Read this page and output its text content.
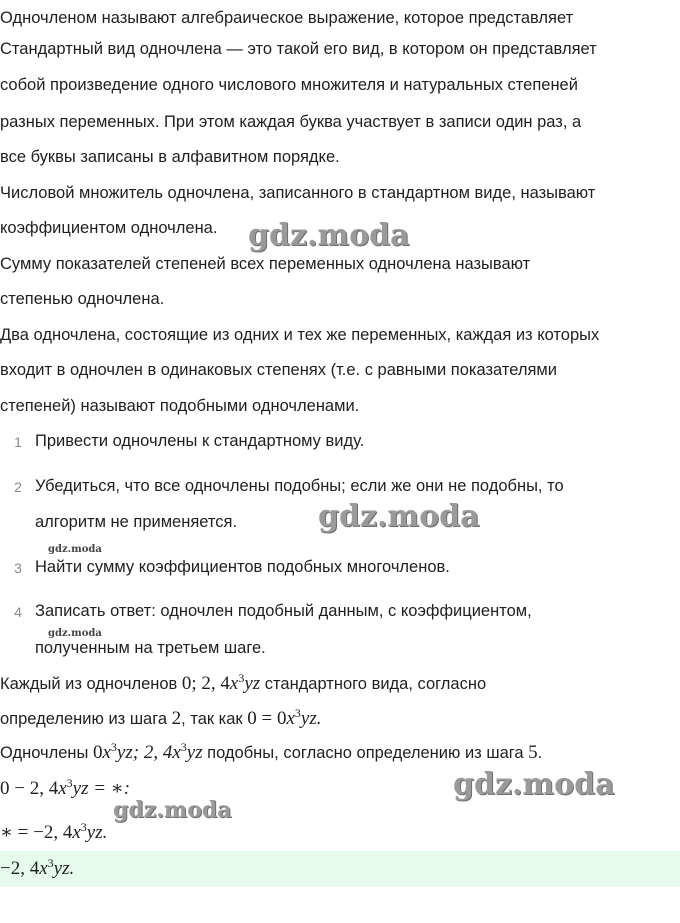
Одночленом называют алгебраическое выражение, которое представляет
Стандартный вид одночлена — это такой его вид, в котором он представляет
собой произведение одного числового множителя и натуральных степеней
разных переменных. При этом каждая буква участвует в записи один раз, а
все буквы записаны в алфавитном порядке.
Числовой множитель одночлена, записанного в стандартном виде, называют
коэффициентом одночлена.
Сумму показателей степеней всех переменных одночлена называют
степенью одночлена.
Два одночлена, состоящие из одних и тех же переменных, каждая из которых
входит в одночлен в одинаковых степенях (т.е. с равными показателями
степеней) называют подобными одночленами.
1 Привести одночлены к стандартному виду.
2 Убедиться, что все одночлены подобны; если же они не подобны, то
алгоритм не применяется.
3 Найти сумму коэффициентов подобных многочленов.
4 Записать ответ: одночлен подобный данным, с коэффициентом,
полученным на третьем шаге.
Каждый из одночленов 0; 2, $4x^3yz$ стандартного вида, согласно
определению из шага 2, так как $0 = 0x^3yz$.
Одночлены $0x^3yz$; 2, $4x^3yz$ подобны, согласно определению из шага 5.
0 − 2, $4x^3yz$ = ∗:
∗ = −2, $4x^3yz$.
−2, $4x^3yz$.
gdz.moda
gdz.moda
gdz.moda
gdz.moda
gdz.moda
gdz.moda
